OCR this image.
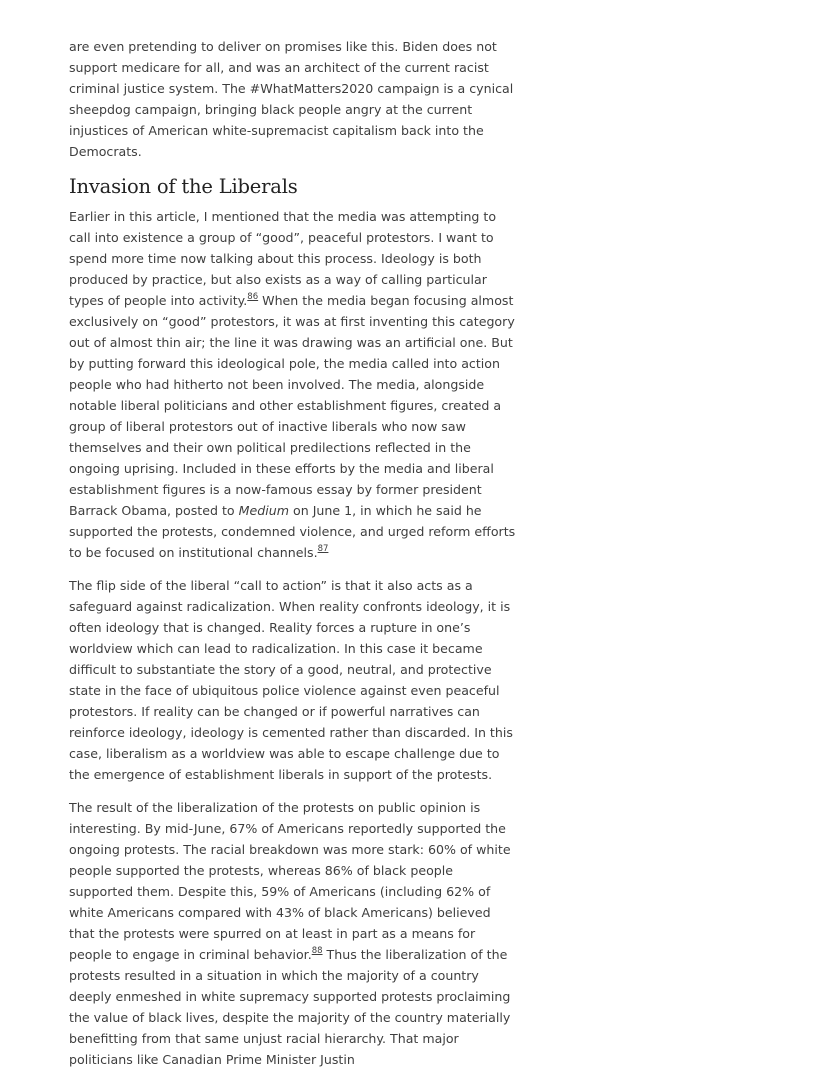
are even pretending to deliver on promises like this. Biden does not support medicare for all, and was an architect of the current racist criminal justice system. The #WhatMatters2020 campaign is a cynical sheepdog campaign, bringing black people angry at the current injustices of American white-supremacist capitalism back into the Democrats.

Invasion of the Liberals

Earlier in this article, I mentioned that the media was attempting to call into existence a group of “good”, peaceful protestors. I want to spend more time now talking about this process. Ideology is both produced by practice, but also exists as a way of calling particular types of people into activity.$^{86}$ When the media began focusing almost exclusively on “good” protestors, it was at first inventing this category out of almost thin air; the line it was drawing was an artificial one. But by putting forward this ideological pole, the media called into action people who had hitherto not been involved. The media, alongside notable liberal politicians and other establishment figures, created a group of liberal protestors out of inactive liberals who now saw themselves and their own political predilections reflected in the ongoing uprising. Included in these efforts by the media and liberal establishment figures is a now-famous essay by former president Barrack Obama, posted to Medium on June 1, in which he said he supported the protests, condemned violence, and urged reform efforts to be focused on institutional channels.$^{87}$

The flip side of the liberal “call to action” is that it also acts as a safeguard against radicalization. When reality confronts ideology, it is often ideology that is changed. Reality forces a rupture in one’s worldview which can lead to radicalization. In this case it became difficult to substantiate the story of a good, neutral, and protective state in the face of ubiquitous police violence against even peaceful protestors. If reality can be changed or if powerful narratives can reinforce ideology, ideology is cemented rather than discarded. In this case, liberalism as a worldview was able to escape challenge due to the emergence of establishment liberals in support of the protests.

The result of the liberalization of the protests on public opinion is interesting. By mid-June, 67% of Americans reportedly supported the ongoing protests. The racial breakdown was more stark: 60% of white people supported the protests, whereas 86% of black people supported them. Despite this, 59% of Americans (including 62% of white Americans compared with 43% of black Americans) believed that the protests were spurred on at least in part as a means for people to engage in criminal behavior.$^{88}$ Thus the liberalization of the protests resulted in a situation in which the majority of a country deeply enmeshed in white supremacy supported protests proclaiming the value of black lives, despite the majority of the country materially benefitting from that same unjust racial hierarchy. That major politicians like Canadian Prime Minister Justin
